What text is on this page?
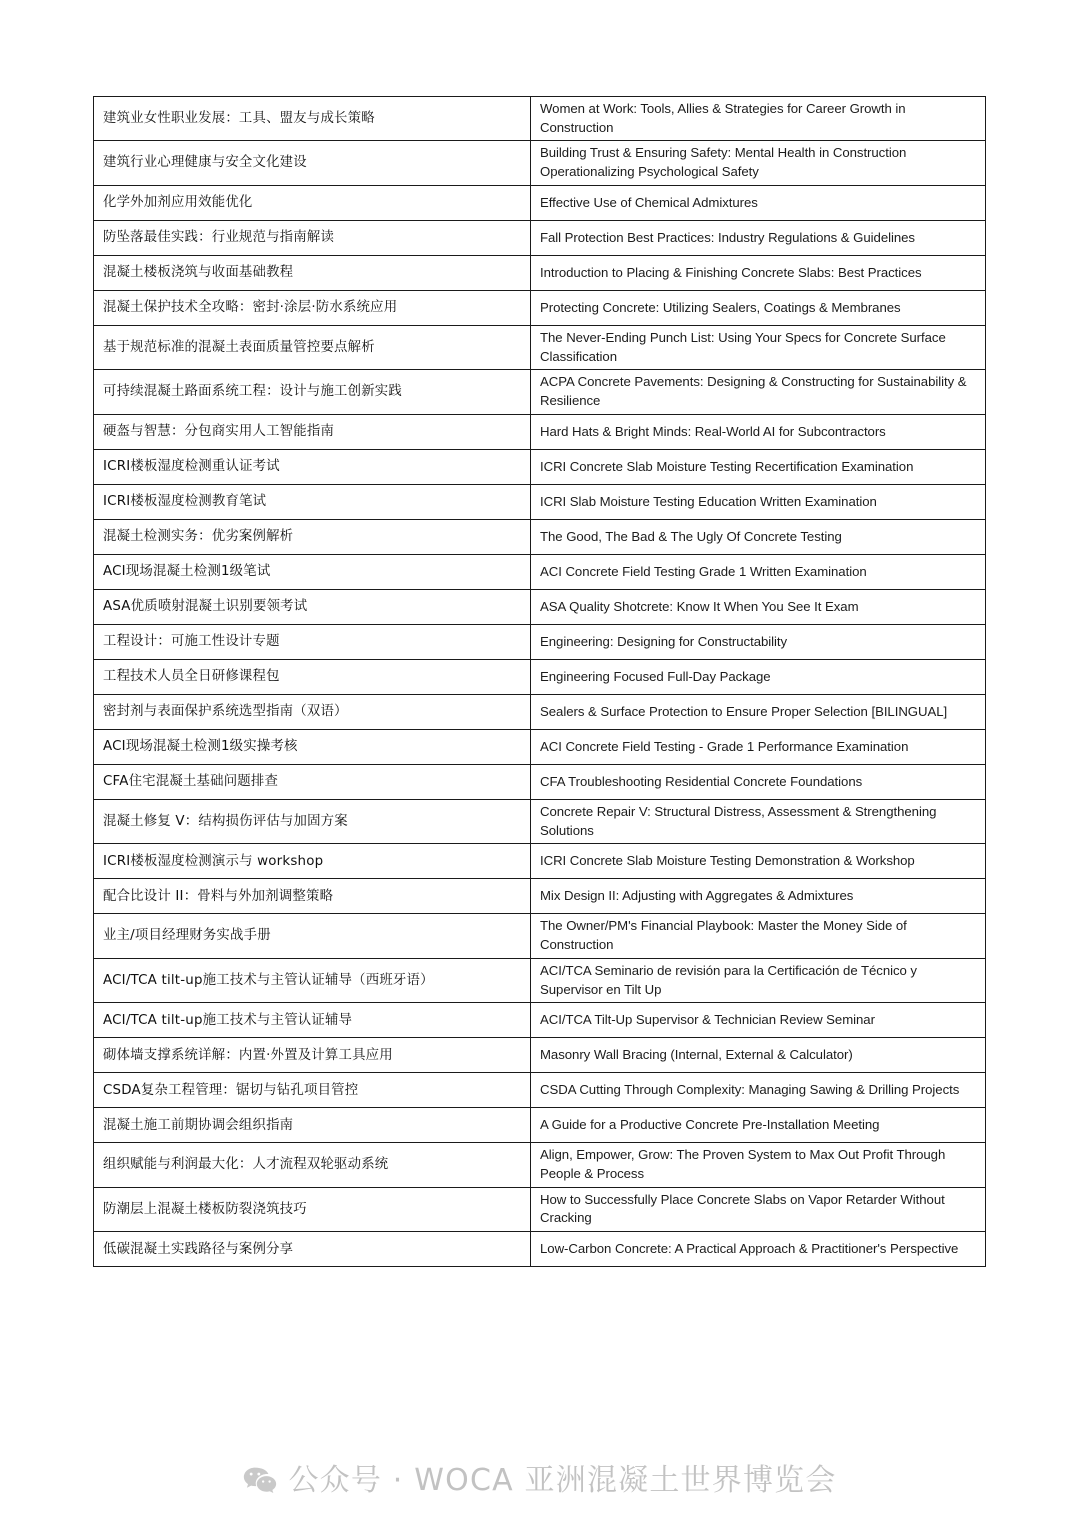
建筑业女性职业发展：工具、盟友与成长策略	Women at Work: Tools, Allies & Strategies for Career Growth in Construction
建筑行业心理健康与安全文化建设	Building Trust & Ensuring Safety: Mental Health in Construction Operationalizing Psychological Safety
化学外加剂应用效能优化	Effective Use of Chemical Admixtures
防坠落最佳实践：行业规范与指南解读	Fall Protection Best Practices: Industry Regulations & Guidelines
混凝土楼板浇筑与收面基础教程	Introduction to Placing & Finishing Concrete Slabs: Best Practices
混凝土保护技术全攻略：密封·涂层·防水系统应用	Protecting Concrete: Utilizing Sealers, Coatings & Membranes
基于规范标准的混凝土表面质量管控要点解析	The Never-Ending Punch List: Using Your Specs for Concrete Surface Classification
可持续混凝土路面系统工程：设计与施工创新实践	ACPA Concrete Pavements: Designing & Constructing for Sustainability & Resilience
硬盔与智慧：分包商实用人工智能指南	Hard Hats & Bright Minds: Real-World AI for Subcontractors
ICRI楼板湿度检测重认证考试	ICRI Concrete Slab Moisture Testing Recertification Examination
ICRI楼板湿度检测教育笔试	ICRI Slab Moisture Testing Education Written Examination
混凝土检测实务：优劣案例解析	The Good, The Bad & The Ugly Of Concrete Testing
ACI现场混凝土检测1级笔试	ACI Concrete Field Testing Grade 1 Written Examination
ASA优质喷射混凝土识别要领考试	ASA Quality Shotcrete: Know It When You See It Exam
工程设计：可施工性设计专题	Engineering: Designing for Constructability
工程技术人员全日研修课程包	Engineering Focused Full-Day Package
密封剂与表面保护系统选型指南（双语）	Sealers & Surface Protection to Ensure Proper Selection [BILINGUAL]
ACI现场混凝土检测1级实操考核	ACI Concrete Field Testing - Grade 1 Performance Examination
CFA住宅混凝土基础问题排查	CFA Troubleshooting Residential Concrete Foundations
混凝土修复 V：结构损伤评估与加固方案	Concrete Repair V: Structural Distress, Assessment & Strengthening Solutions
ICRI楼板湿度检测演示与 workshop	ICRI Concrete Slab Moisture Testing Demonstration & Workshop
配合比设计 II：骨料与外加剂调整策略	Mix Design II: Adjusting with Aggregates & Admixtures
业主/项目经理财务实战手册	The Owner/PM's Financial Playbook: Master the Money Side of Construction
ACI/TCA tilt-up施工技术与主管认证辅导（西班牙语）	ACI/TCA Seminario de revisión para la Certificación de Técnico y Supervisor en Tilt Up
ACI/TCA tilt-up施工技术与主管认证辅导	ACI/TCA Tilt-Up Supervisor & Technician Review Seminar
砌体墙支撑系统详解：内置·外置及计算工具应用	Masonry Wall Bracing (Internal, External & Calculator)
CSDA复杂工程管理：锯切与钻孔项目管控	CSDA Cutting Through Complexity: Managing Sawing & Drilling Projects
混凝土施工前期协调会组织指南	A Guide for a Productive Concrete Pre-Installation Meeting
组织赋能与利润最大化：人才流程双轮驱动系统	Align, Empower, Grow: The Proven System to Max Out Profit Through People & Process
防潮层上混凝土楼板防裂浇筑技巧	How to Successfully Place Concrete Slabs on Vapor Retarder Without Cracking
低碳混凝土实践路径与案例分享	Low-Carbon Concrete: A Practical Approach & Practitioner's Perspective
公众号 · WOCA 亚洲混凝土世界博览会
